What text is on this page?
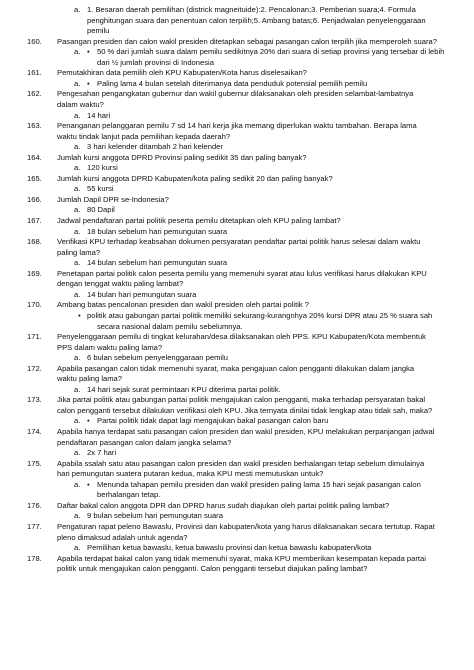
a. 1. Besaran daerah pemilihan (districk magneituide):2. Pencalonan;3. Pemberian suara;4. Formula
penghitungan suara dan penentuan calon terpilih;5. Ambang batas;6. Penjadwalan penyelenggaraan
pemilu
160. Pasangan presiden dan calon wakil presiden ditetapkan sebagai pasangan calon terpilih jika memperoleh suara?
a. ▪ 50 % dari jumlah suara dalam pemilu sedikitnya 20% dari suara di setiap provinsi yang tersebar di lebih
dari ½ jumlah provinsi di Indonesia
161. Pemutakhiran data pemilih oleh KPU Kabupaten/Kota harus diselesaikan?
a. ▪ Paling lama 4 bulan setelah diterimanya data penduduk potensial pemilih pemilu
162. Pengesahan pengangkatan gubernur dan wakil gubernur dilaksanakan oleh presiden selambat-lambatnya
dalam waktu?
a. 14 hari
163. Penanganan pelanggaran pemilu 7 sd 14 hari kerja jika memang diperlukan waktu tambahan. Berapa lama
waktu tindak lanjut pada pemilihan kepada daerah?
a. 3 hari kelender ditambah 2 hari kelender
164. Jumlah kursi anggota DPRD Provinsi paling sedikit 35 dan paling banyak?
a. 120 kursi
165. Jumlah kursi anggota DPRD Kabupaten/kota paling sedikit 20 dan paling banyak?
a. 55 kursi
166. Jumlah Dapil DPR se-Indonesia?
a. 80 Dapil
167. Jadwal pendaftaran partai politik peserta pemilu ditetapkan oleh KPU paling lambat?
a. 18 bulan sebelum hari pemungutan suara
168. Verifikasi KPU terhadap keabsahan dokumen persyaratan pendaftar partai politik harus selesai dalam waktu
paling lama?
a. 14 bulan sebelum hari pemungutan suara
169. Penetapan partai politik calon peserta pemilu yang memenuhi syarat atau lulus verifikasi harus dilakukan KPU
dengan tenggat waktu paling lambat?
a. 14 bulan hari pemungutan suara
170. Ambang batas pencalonan presiden dan wakil presiden oleh partai politik ?
▪ politik atau gabungan partai politik memiliki sekurang-kurangnhya 20% kursi DPR atau 25 % suara sah
secara nasional dalam pemilu sebelumnya.
171. Penyelenggaraan pemilu di tingkat kelurahan/desa dilaksanakan oleh PPS. KPU Kabupaten/Kota membentuk
PPS dalam waktu paling lama?
a. 6 bulan sebelum penyelenggaraan pemilu
172. Apabila pasangan calon tidak memenuhi syarat, maka pengajuan calon pengganti dilakukan dalam jangka
waktu paling lama?
a. 14 hari sejak surat permintaan KPU diterima partai politik.
173. Jika partai politik atau gabungan partai politik mengajukan calon pengganti, maka terhadap persyaratan bakal
calon pengganti tersebut dilakukan verifikasi oleh KPU. Jika ternyata dinilai tidak lengkap atau tidak sah, maka?
a. ▪ Partai politik tidak dapat lagi mengajukan bakal pasangan calon baru
174. Apabila hanya terdapat satu pasangan calon presiden dan wakil presiden, KPU melakukan perpanjangan jadwal
pendaftaran pasangan calon dalam jangka selama?
a. 2x 7 hari
175. Apabila ssalah satu atau pasangan calon presiden dan wakil presiden berhalangan tetap sebelum dimulainya
hari pemungutan suatera putaran kedua, maka KPU mesti memutuskan untuk?
a. ▪ Menunda tahapan pemilu presiden dan wakil presiden paling lama 15 hari sejak pasangan calon
berhalangan tetap.
176. Daftar bakal calon anggota DPR dan DPRD harus sudah diajukan oleh partai politik paling lambat?
a. 9 bulan sebelum hari pemungutan suara
177. Pengaturan rapat peleno Bawaslu, Provinsi dan kabupaten/kota yang harus dilaksanakan secara tertutup. Rapat
pleno dimaksud adalah untuk agenda?
a. Pemilihan ketua bawaslu, ketua bawaslu provinsi dan ketua bawaslu kabupaten/kota
178. Apabila terdapat bakal calon yang tidak memenuhi syarat, maka KPU memberikan kesempatan kepada partai
politik untuk mengajukan calon pengganti. Calon pengganti tersebut diajukan paling lambat?
